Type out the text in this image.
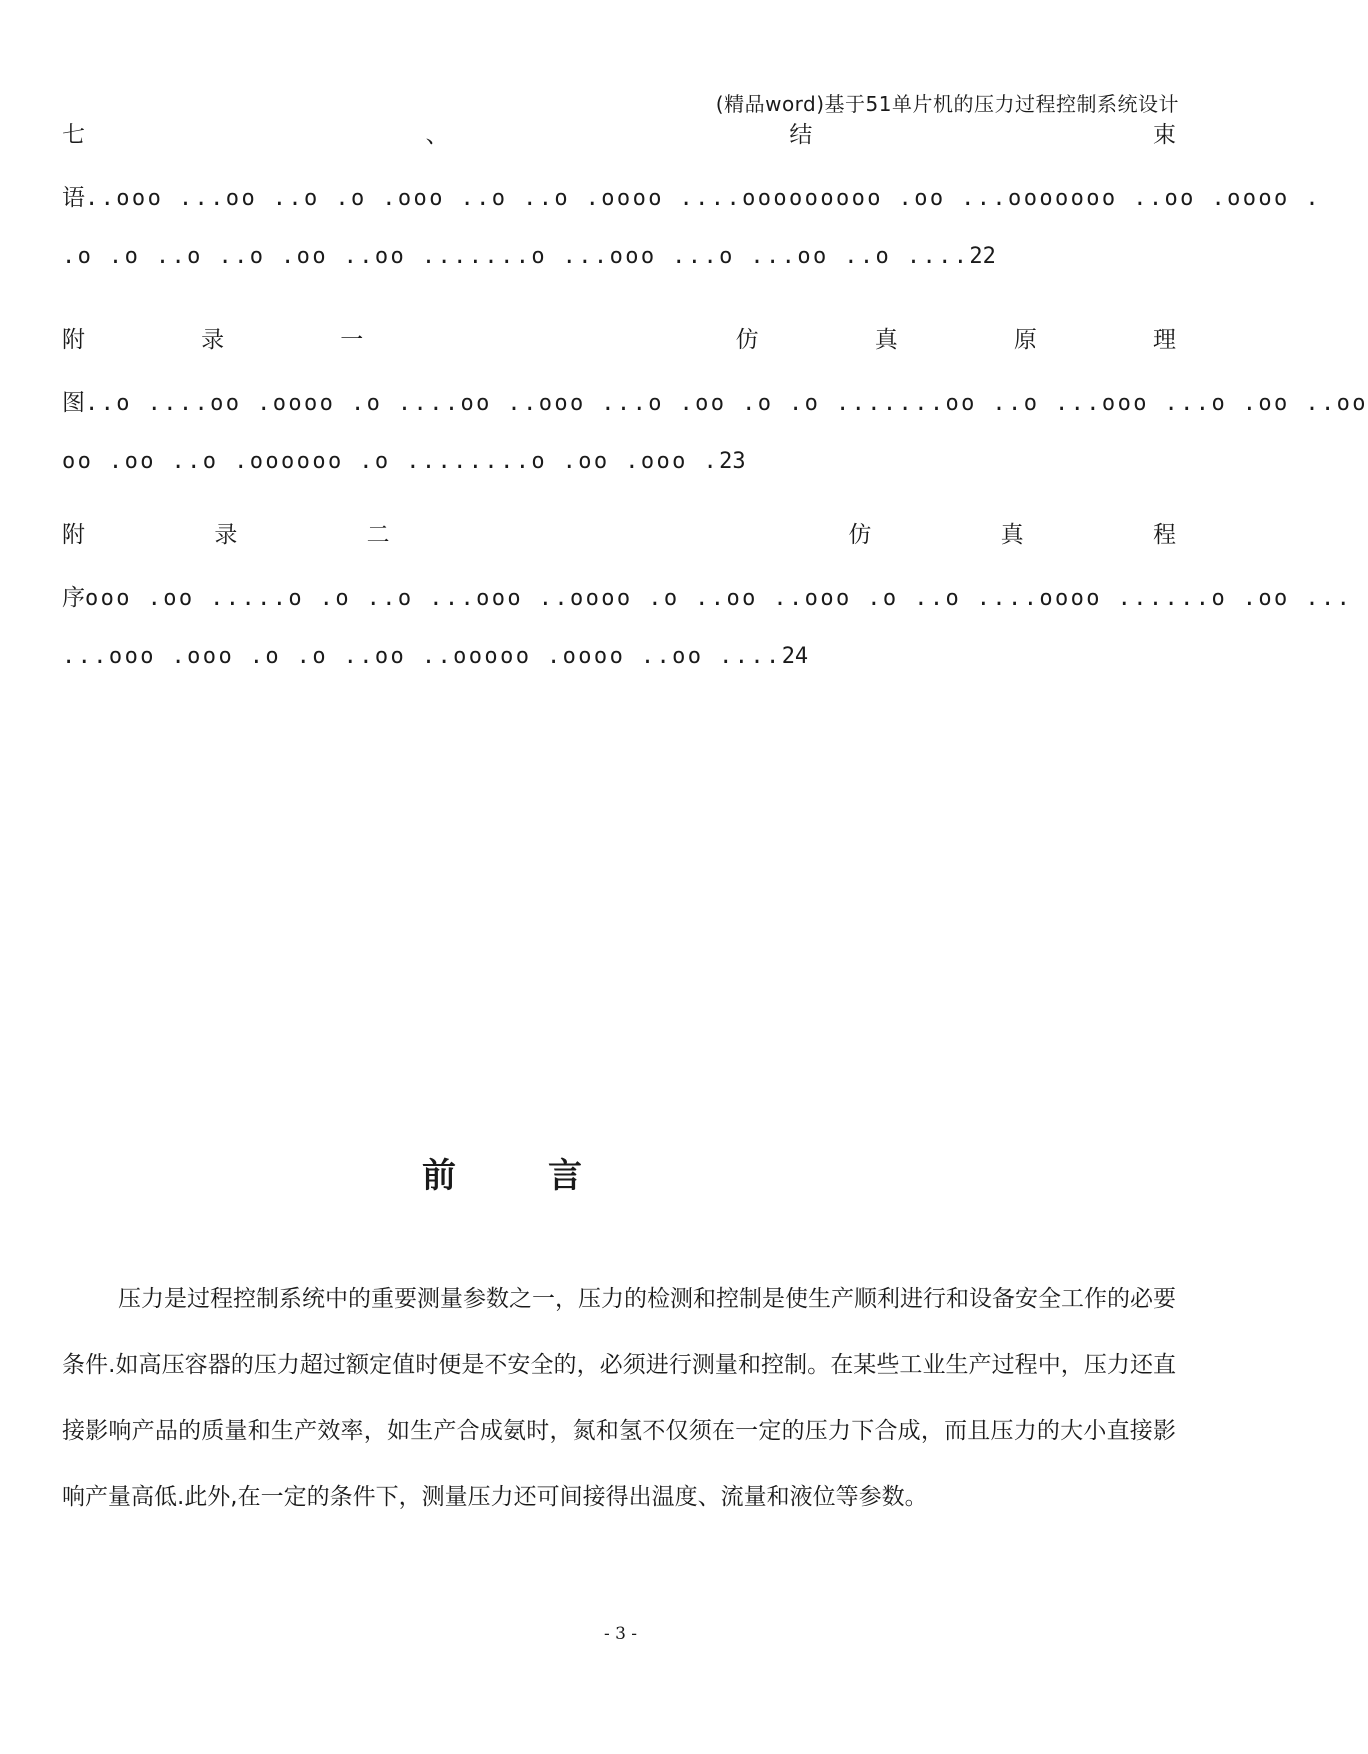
(精品word)基于51单片机的压力过程控制系统设计
七	、	结	束
语..ooo ...oo ..o .o .ooo ..o ..o .oooo ....ooooooooo .oo ...ooooooo ..oo .oooo .
.o .o ..o ..o .oo ..oo .......o ...ooo ...o ...oo ..o ....22
附	录	一	仿	真	原	理
图..o ....oo .oooo .o ....oo ..ooo ...o .oo .o .o .......oo ..o ...ooo ...o .oo ..oo
oo .oo ..o .oooooo .o ........o .oo .ooo .23
附	录	二	仿	真	程
序ooo .oo .....o .o ..o ...ooo ..oooo .o ..oo ..ooo .o ..o ....oooo ......o .oo ...
...ooo .ooo .o .o ..oo ..ooooo .oooo ..oo ....24
前	言
压力是过程控制系统中的重要测量参数之一，压力的检测和控制是使生产顺利进行和设备安全工作的必要条件.如高压容器的压力超过额定值时便是不安全的，必须进行测量和控制。在某些工业生产过程中，压力还直接影响产品的质量和生产效率，如生产合成氨时，氮和氢不仅须在一定的压力下合成，而且压力的大小直接影响产量高低.此外,在一定的条件下，测量压力还可间接得出温度、流量和液位等参数。
- 3 -
